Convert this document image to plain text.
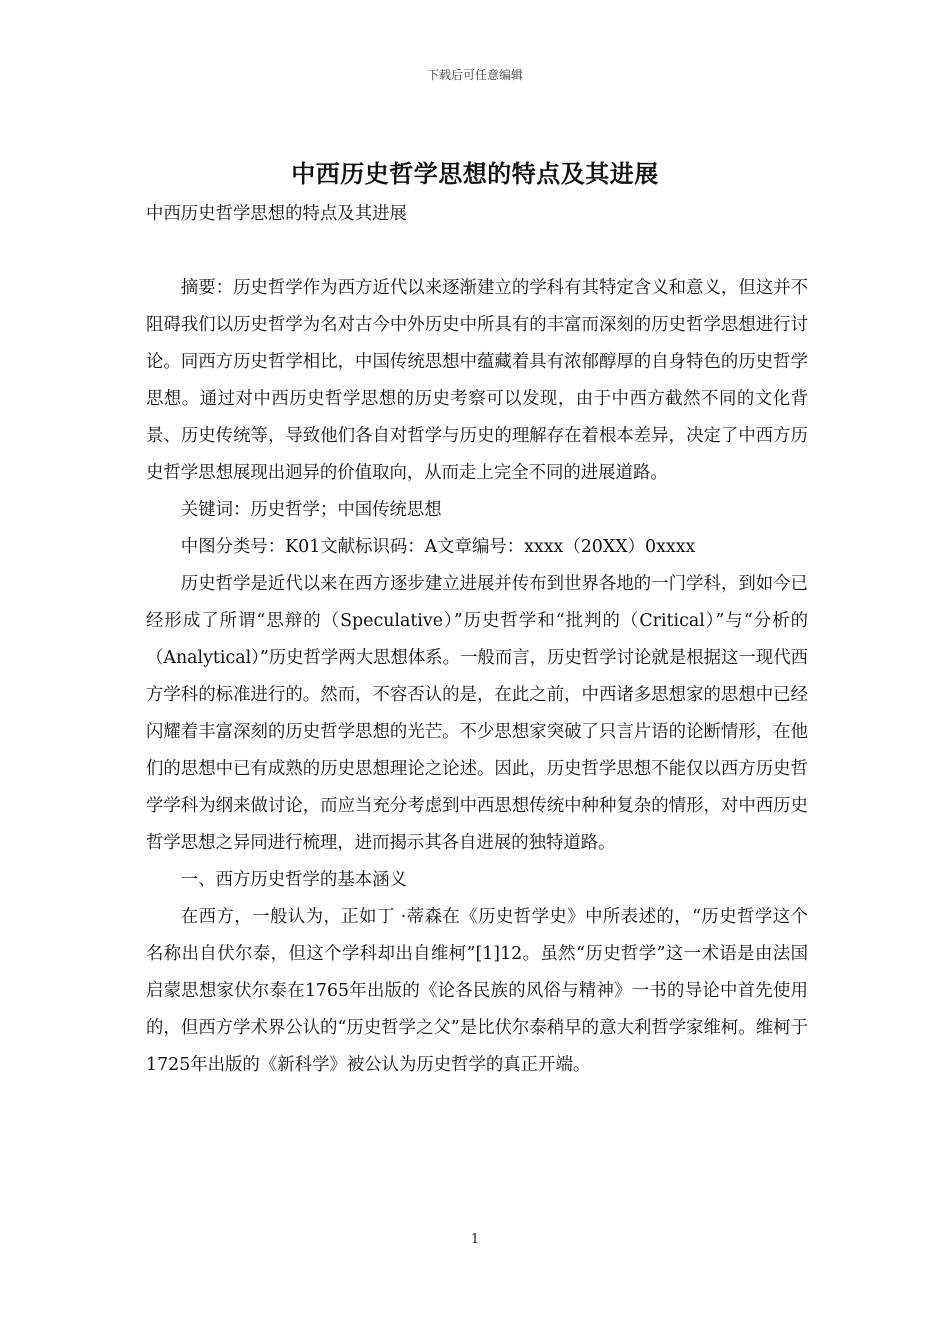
下载后可任意编辑
中西历史哲学思想的特点及其进展

中西历史哲学思想的特点及其进展

摘要：历史哲学作为西方近代以来逐渐建立的学科有其特定含义和意义，但这并不阻碍我们以历史哲学为名对古今中外历史中所具有的丰富而深刻的历史哲学思想进行讨论。同西方历史哲学相比，中国传统思想中蕴藏着具有浓郁醇厚的自身特色的历史哲学思想。通过对中西历史哲学思想的历史考察可以发现，由于中西方截然不同的文化背景、历史传统等，导致他们各自对哲学与历史的理解存在着根本差异，决定了中西方历史哲学思想展现出迥异的价值取向，从而走上完全不同的进展道路。

关键词：历史哲学；中国传统思想

中图分类号：K01文献标识码：A文章编号：xxxx（20XX）0xxxx

历史哲学是近代以来在西方逐步建立进展并传布到世界各地的一门学科，到如今已经形成了所谓“思辩的（Speculative）”历史哲学和“批判的（Critical）”与“分析的（Analytical）”历史哲学两大思想体系。一般而言，历史哲学讨论就是根据这一现代西方学科的标准进行的。然而，不容否认的是，在此之前，中西诸多思想家的思想中已经闪耀着丰富深刻的历史哲学思想的光芒。不少思想家突破了只言片语的论断情形，在他们的思想中已有成熟的历史思想理论之论述。因此，历史哲学思想不能仅以西方历史哲学学科为纲来做讨论，而应当充分考虑到中西思想传统中种种复杂的情形，对中西历史哲学思想之异同进行梳理，进而揭示其各自进展的独特道路。

一、西方历史哲学的基本涵义

在西方，一般认为，正如丁 ·蒂森在《历史哲学史》中所表述的，“历史哲学这个名称出自伏尔泰，但这个学科却出自维柯”[1]12。虽然“历史哲学”这一术语是由法国启蒙思想家伏尔泰在1765年出版的《论各民族的风俗与精神》一书的导论中首先使用的，但西方学术界公认的“历史哲学之父”是比伏尔泰稍早的意大利哲学家维柯。维柯于1725年出版的《新科学》被公认为历史哲学的真正开端。

1
